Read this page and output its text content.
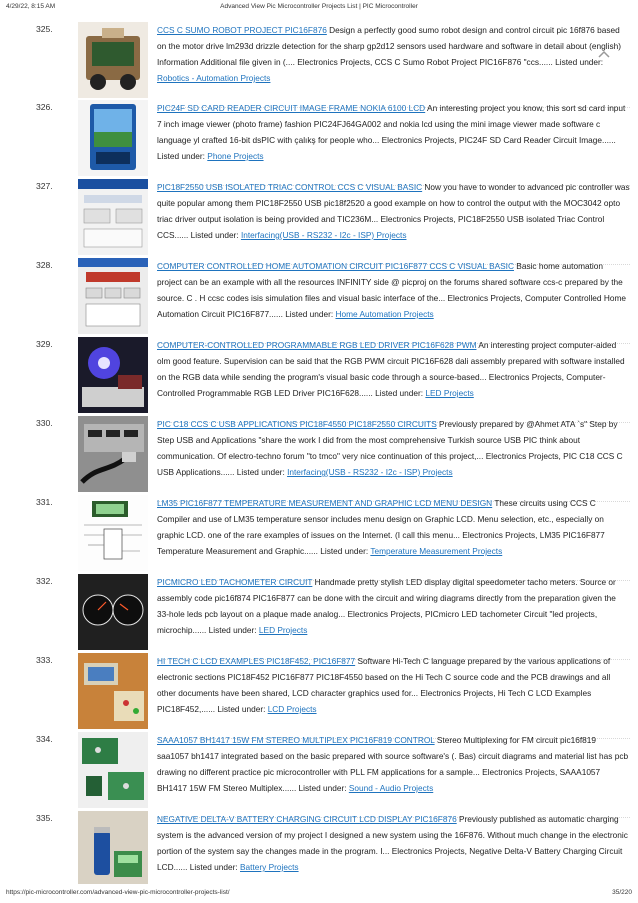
4/29/22, 8:15 AM	Advanced View Pic Microcontroller Projects List | PIC Microcontroller
325.	CCS C SUMO ROBOT PROJECT PIC16F876 Design a perfectly good sumo robot design and control circuit pic 16f876 based on the motor drive lm293d drizzle detection for the sharp gp2d12 sensors used hardware and software in detail about (english) Information Additional file given in (.... Electronics Projects, CCS C Sumo Robot Project PIC16F876 "ccs...... Listed under: Robotics - Automation Projects
326.	PIC24F SD CARD READER CIRCUIT IMAGE FRAME NOKIA 6100 LCD An interesting project you know, this sort sd card input 7 inch image viewer (photo frame) fashion PIC24FJ64GA002 and nokia lcd using the mini image viewer made software c language yl crafted 16-bit dsPIC with çalıkş for people who... Electronics Projects, PIC24F SD Card Reader Circuit Image...... Listed under: Phone Projects
327.	PIC18F2550 USB ISOLATED TRIAC CONTROL CCS C VISUAL BASIC Now you have to wonder to advanced pic controller was quite popular among them PIC18F2550 USB pic18f2520 a good example on how to control the output with the MOC3042 opto triac driver output isolation is being provided and TIC236M... Electronics Projects, PIC18F2550 USB isolated Triac Control CCS...... Listed under: Interfacing(USB - RS232 - I2c - ISP) Projects
328.	COMPUTER CONTROLLED HOME AUTOMATION CIRCUIT PIC16F877 CCS C VISUAL BASIC Basic home automation project can be an example with all the resources INFINITY side @ picproj on the forums shared software ccs-c prepared by the source. C . H ccsc codes isis simulation files and visual basic interface of the... Electronics Projects, Computer Controlled Home Automation Circuit PIC16F877...... Listed under: Home Automation Projects
329.	COMPUTER-CONTROLLED PROGRAMMABLE RGB LED DRIVER PIC16F628 PWM An interesting project computer-aided olm good feature. Supervision can be said that the RGB PWM circuit PIC16F628 dali assembly prepared with software installed on the RGB data while sending the program's visual basic code through a source-based... Electronics Projects, Computer-Controlled Programmable RGB LED Driver PIC16F628...... Listed under: LED Projects
330.	PIC C18 CCS C USB APPLICATIONS PIC18F4550 PIC18F2550 CIRCUITS Previously prepared by @Ahmet ATA `s" Step by Step USB and Applications "share the work I did from the most comprehensive Turkish source USB PIC think about communication. Of electro-techno forum "to tmco" very nice continuation of this project,... Electronics Projects, PIC C18 CCS C USB Applications...... Listed under: Interfacing(USB - RS232 - I2c - ISP) Projects
331.	LM35 PIC16F877 TEMPERATURE MEASUREMENT AND GRAPHIC LCD MENU DESIGN These circuits using CCS C Compiler and use of LM35 temperature sensor includes menu design on Graphic LCD. Menu selection, etc., especially on graphic LCD. one of the rare examples of issues on the Internet. (I call this menu... Electronics Projects, LM35 PIC16F877 Temperature Measurement and Graphic...... Listed under: Temperature Measurement Projects
332.	PICMICRO LED TACHOMETER CIRCUIT Handmade pretty stylish LED display digital speedometer tacho meters. Source or assembly code pic16f874 PIC16F877 can be done with the circuit and wiring diagrams directly from the preparation given the 33-hole leds pcb layout on a plaque made analog... Electronics Projects, PICmicro LED tachometer Circuit "led projects, microchip...... Listed under: LED Projects
333.	HI TECH C LCD EXAMPLES PIC18F452, PIC16F877 Software Hi-Tech C language prepared by the various applications of electronic sections PIC18F452 PIC16F877 PIC18F4550 based on the Hi Tech C source code and the PCB drawings and all other documents have been shared, LCD character graphics used for... Electronics Projects, Hi Tech C LCD Examples PIC18F452,...... Listed under: LCD Projects
334.	SAAA1057 BH1417 15W FM STEREO MULTIPLEX PIC16F819 CONTROL Stereo Multiplexing for FM circuit pic16f819 saa1057 bh1417 integrated based on the basic prepared with source software's (. Bas) circuit diagrams and material list has pcb drawing no different practice pic microcontroller with PLL FM applications for a sample... Electronics Projects, SAAA1057 BH1417 15W FM Stereo Multiplex...... Listed under: Sound - Audio Projects
335.	NEGATIVE DELTA-V BATTERY CHARGING CIRCUIT LCD DISPLAY PIC16F876 Previously published as automatic charging system is the advanced version of my project I designed a new system using the 16F876. Without much change in the electronic portion of the system say the changes made in the program. I... Electronics Projects, Negative Delta-V Battery Charging Circuit LCD...... Listed under: Battery Projects
https://pic-microcontroller.com/advanced-view-pic-microcontroller-projects-list/	35/220
